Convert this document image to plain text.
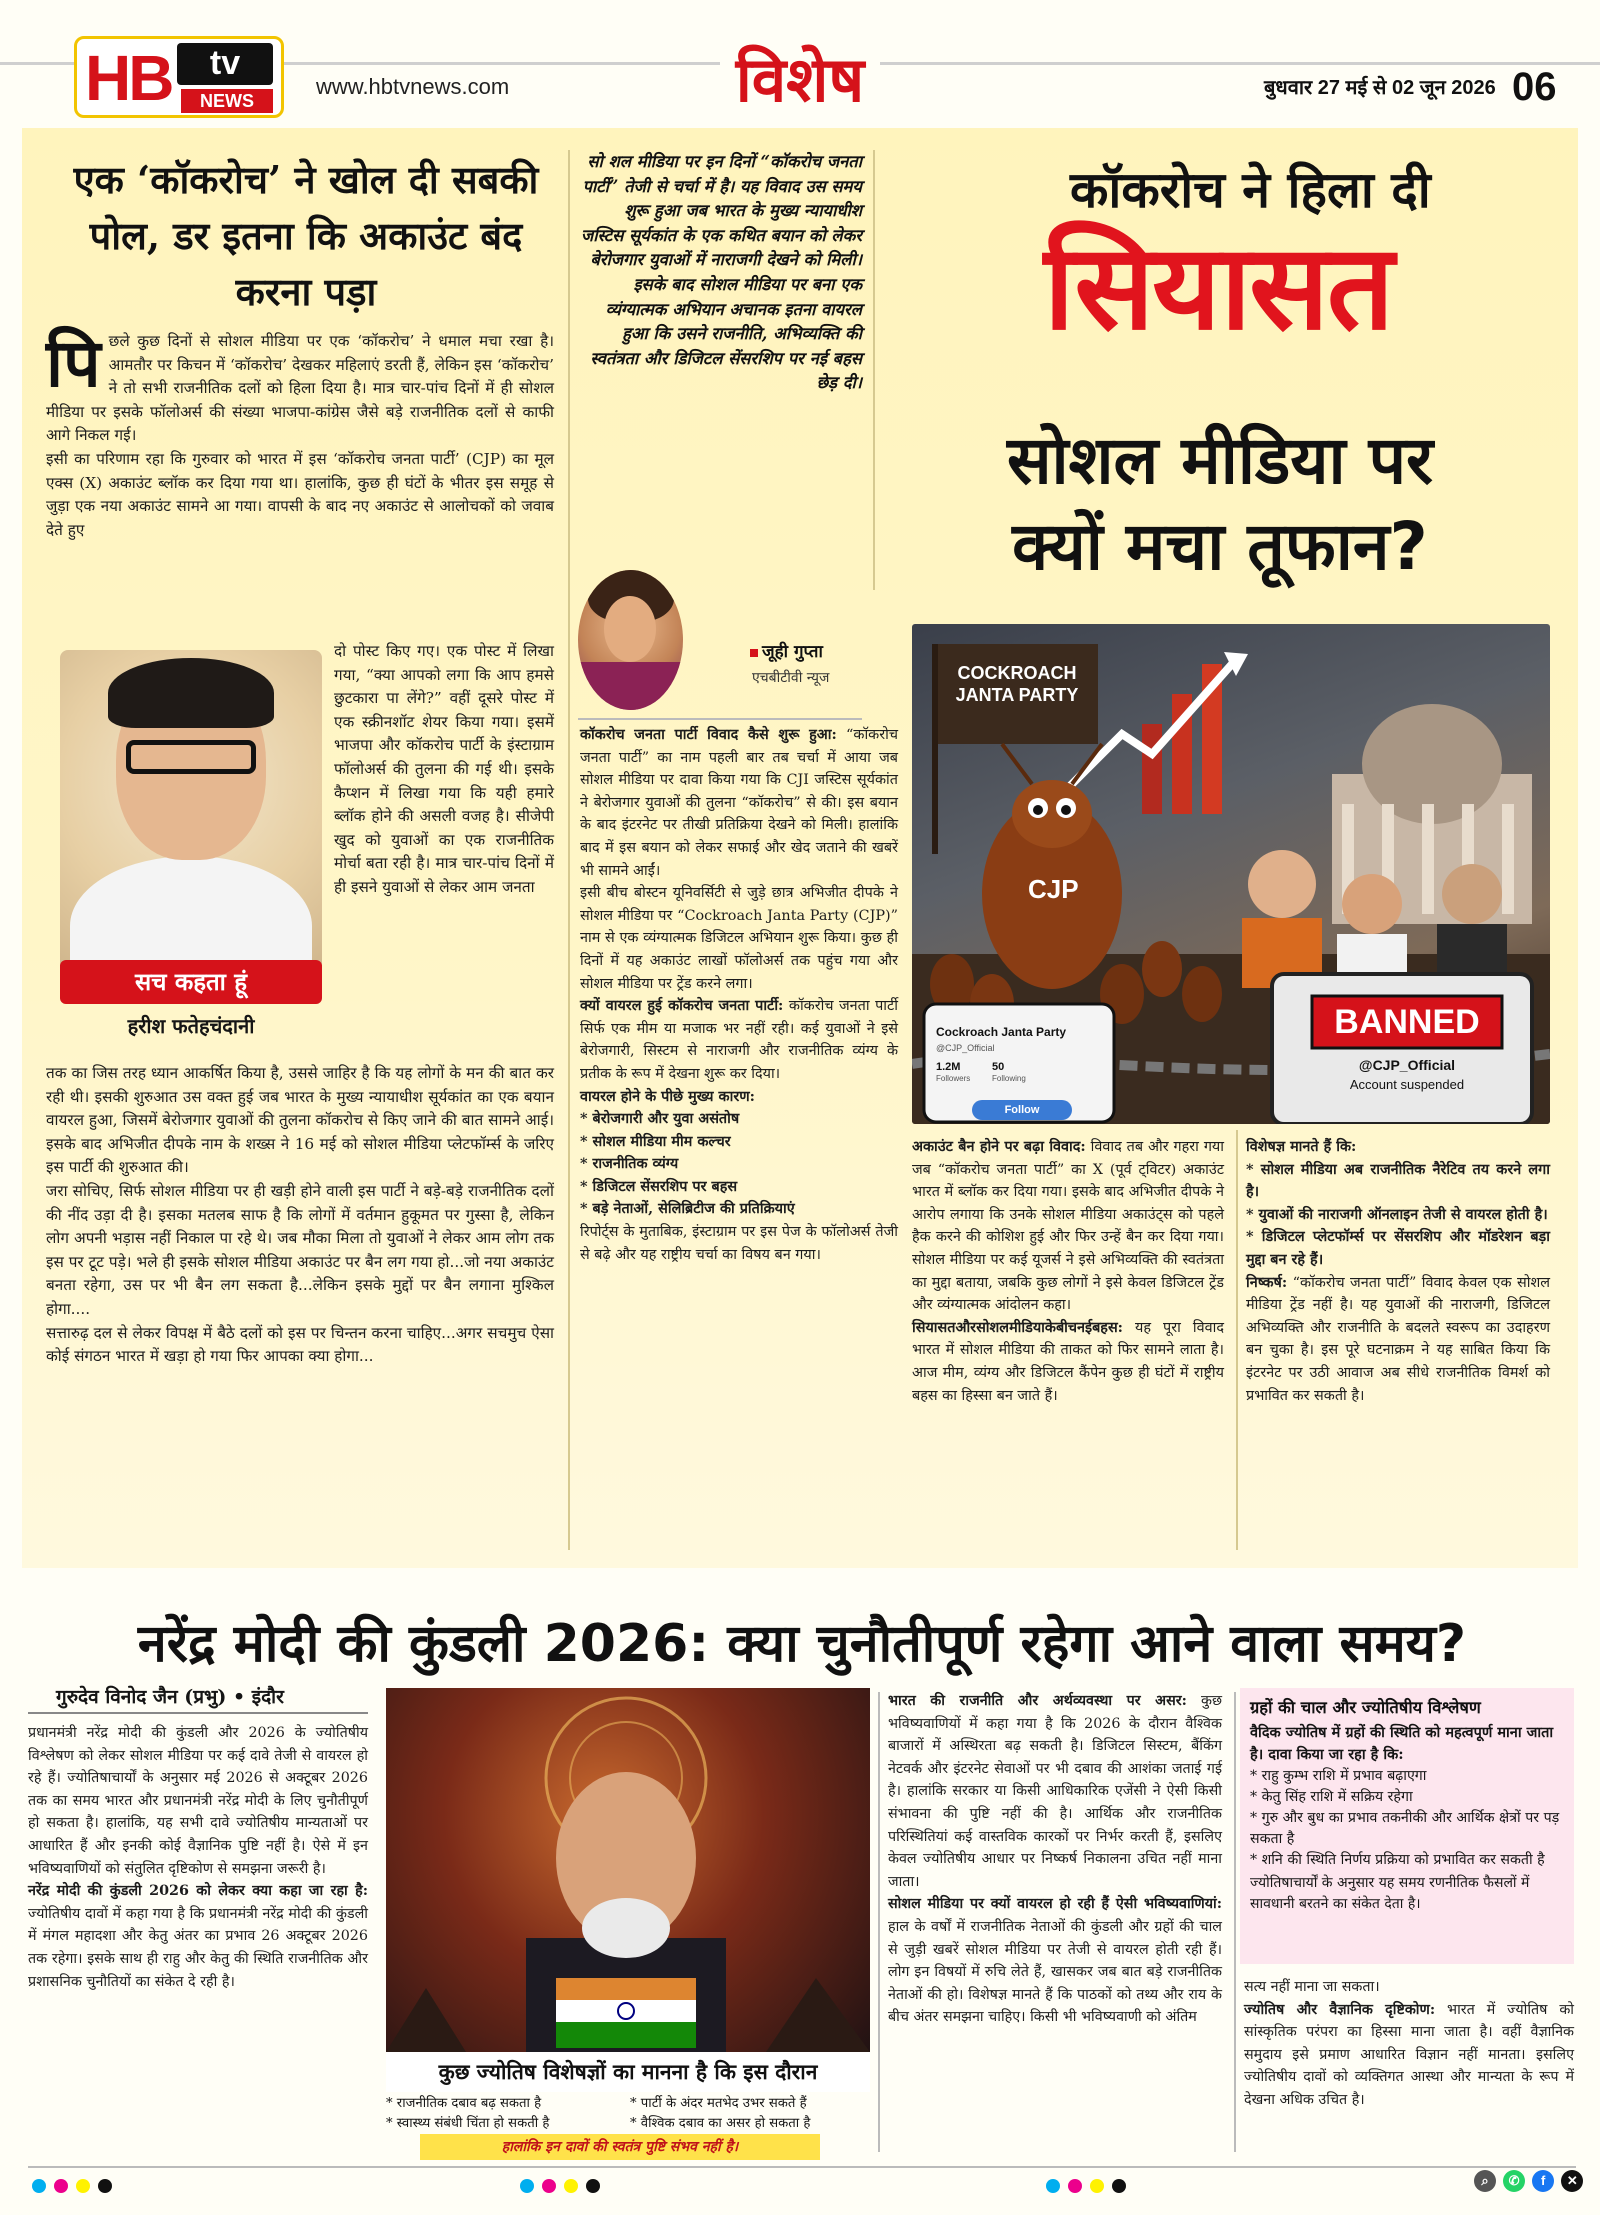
HB	tv
NEWS
www.hbtvnews.com	विशेष	बुधवार 27 मई से 02 जून 2026 06
एक ‘कॉकरोच’ ने खोल दी सबकी पोल, डर इतना कि अकाउंट बंद करना पड़ा
पि छले कुछ दिनों से सोशल मीडिया पर एक ‘कॉकरोच’ ने धमाल मचा रखा है। आमतौर पर किचन में ‘कॉकरोच’ देखकर महिलाएं डरती हैं, लेकिन इस ‘कॉकरोच’ ने तो सभी राजनीतिक दलों को हिला दिया है। मात्र चार-पांच दिनों में ही सोशल मीडिया पर इसके फॉलोअर्स की संख्या भाजपा-कांग्रेस जैसे बड़े राजनीतिक दलों से काफी आगे निकल गई।

इसी का परिणाम रहा कि गुरुवार को भारत में इस ‘कॉकरोच जनता पार्टी’ (CJP) का मूल एक्स (X) अकाउंट ब्लॉक कर दिया गया था। हालांकि, कुछ ही घंटों के भीतर इस समूह से जुड़ा एक नया अकाउंट सामने आ गया। वापसी के बाद नए अकाउंट से आलोचकों को जवाब देते हुए

सच कहता हूं
हरीश फतेहचंदानी

दो पोस्ट किए गए। एक पोस्ट में लिखा गया, “क्या आपको लगा कि आप हमसे छुटकारा पा लेंगे?” वहीं दूसरे पोस्ट में एक स्क्रीनशॉट शेयर किया गया। इसमें भाजपा और कॉकरोच पार्टी के इंस्टाग्राम फॉलोअर्स की तुलना की गई थी। इसके कैप्शन में लिखा गया कि यही हमारे ब्लॉक होने की असली वजह है। सीजेपी खुद को युवाओं का एक राजनीतिक मोर्चा बता रही है। मात्र चार-पांच दिनों में ही इसने युवाओं से लेकर आम जनता

तक का जिस तरह ध्यान आकर्षित किया है, उससे जाहिर है कि यह लोगों के मन की बात कर रही थी। इसकी शुरुआत उस वक्त हुई जब भारत के मुख्य न्यायाधीश सूर्यकांत का एक बयान वायरल हुआ, जिसमें बेरोजगार युवाओं की तुलना कॉकरोच से किए जाने की बात सामने आई। इसके बाद अभिजीत दीपके नाम के शख्स ने 16 मई को सोशल मीडिया प्लेटफॉर्म्स के जरिए इस पार्टी की शुरुआत की।

जरा सोचिए, सिर्फ सोशल मीडिया पर ही खड़ी होने वाली इस पार्टी ने बड़े-बड़े राजनीतिक दलों की नींद उड़ा दी है। इसका मतलब साफ है कि लोगों में वर्तमान हुकूमत पर गुस्सा है, लेकिन लोग अपनी भड़ास नहीं निकाल पा रहे थे। जब मौका मिला तो युवाओं ने लेकर आम लोग तक इस पर टूट पड़े। भले ही इसके सोशल मीडिया अकाउंट पर बैन लग गया हो...जो नया अकाउंट बनता रहेगा, उस पर भी बैन लग सकता है...लेकिन इसके मुद्दों पर बैन लगाना मुश्किल होगा....

सत्तारुढ़ दल से लेकर विपक्ष में बैठे दलों को इस पर चिन्तन करना चाहिए...अगर सचमुच ऐसा कोई संगठन भारत में खड़ा हो गया फिर आपका क्या होगा...

सो शल मीडिया पर इन दिनों “कॉकरोच जनता पार्टी” तेजी से चर्चा में है। यह विवाद उस समय शुरू हुआ जब भारत के मुख्य न्यायाधीश जस्टिस सूर्यकांत के एक कथित बयान को लेकर बेरोजगार युवाओं में नाराजगी देखने को मिली। इसके बाद सोशल मीडिया पर बना एक व्यंग्यात्मक अभियान अचानक इतना वायरल हुआ कि उसने राजनीति, अभिव्यक्ति की स्वतंत्रता और डिजिटल सेंसरशिप पर नई बहस छेड़ दी।
जूही गुप्ता
एचबीटीवी न्यूज

कॉकरोच जनता पार्टी विवाद कैसे शुरू हुआ: “कॉकरोच जनता पार्टी” का नाम पहली बार तब चर्चा में आया जब सोशल मीडिया पर दावा किया गया कि CJI जस्टिस सूर्यकांत ने बेरोजगार युवाओं की तुलना “कॉकरोच” से की। इस बयान के बाद इंटरनेट पर तीखी प्रतिक्रिया देखने को मिली। हालांकि बाद में इस बयान को लेकर सफाई और खेद जताने की खबरें भी सामने आईं।

इसी बीच बोस्टन यूनिवर्सिटी से जुड़े छात्र अभिजीत दीपके ने सोशल मीडिया पर “Cockroach Janta Party (CJP)” नाम से एक व्यंग्यात्मक डिजिटल अभियान शुरू किया। कुछ ही दिनों में यह अकाउंट लाखों फॉलोअर्स तक पहुंच गया और सोशल मीडिया पर ट्रेंड करने लगा।

क्यों वायरल हुई कॉकरोच जनता पार्टी: कॉकरोच जनता पार्टी सिर्फ एक मीम या मजाक भर नहीं रही। कई युवाओं ने इसे बेरोजगारी, सिस्टम से नाराजगी और राजनीतिक व्यंग्य के प्रतीक के रूप में देखना शुरू कर दिया।

वायरल होने के पीछे मुख्य कारण:

* बेरोजगारी और युवा असंतोष
* सोशल मीडिया मीम कल्चर
* राजनीतिक व्यंग्य
* डिजिटल सेंसरशिप पर बहस
* बड़े नेताओं, सेलिब्रिटीज की प्रतिक्रियाएं

रिपोर्ट्स के मुताबिक, इंस्टाग्राम पर इस पेज के फॉलोअर्स तेजी से बढ़े और यह राष्ट्रीय चर्चा का विषय बन गया।

कॉकरोच ने हिला दी
सियासत
सोशल मीडिया पर
क्यों मचा तूफान?
COCKROACH JANTA PARTY
CJP
Cockroach Janta Party
@CJP_Official
1.2M
Followers
50
Following
Follow
BANNED
@CJP_Official
Account suspended

अकाउंट बैन होने पर बढ़ा विवाद: विवाद तब और गहरा गया जब “कॉकरोच जनता पार्टी” का X (पूर्व ट्विटर) अकाउंट भारत में ब्लॉक कर दिया गया। इसके बाद अभिजीत दीपके ने आरोप लगाया कि उनके सोशल मीडिया अकाउंट्स को पहले हैक करने की कोशिश हुई और फिर उन्हें बैन कर दिया गया। सोशल मीडिया पर कई यूजर्स ने इसे अभिव्यक्ति की स्वतंत्रता का मुद्दा बताया, जबकि कुछ लोगों ने इसे केवल डिजिटल ट्रेंड और व्यंग्यात्मक आंदोलन कहा।

सियासतऔरसोशलमीडियाकेबीचनईबहस: यह पूरा विवाद भारत में सोशल मीडिया की ताकत को फिर सामने लाता है। आज मीम, व्यंग्य और डिजिटल कैंपेन कुछ ही घंटों में राष्ट्रीय बहस का हिस्सा बन जाते हैं।

विशेषज्ञ मानते हैं कि:

* सोशल मीडिया अब राजनीतिक नैरेटिव तय करने लगा है।
* युवाओं की नाराजगी ऑनलाइन तेजी से वायरल होती है।
* डिजिटल प्लेटफॉर्म्स पर सेंसरशिप और मॉडरेशन बड़ा मुद्दा बन रहे हैं।

निष्कर्ष: “कॉकरोच जनता पार्टी” विवाद केवल एक सोशल मीडिया ट्रेंड नहीं है। यह युवाओं की नाराजगी, डिजिटल अभिव्यक्ति और राजनीति के बदलते स्वरूप का उदाहरण बन चुका है। इस पूरे घटनाक्रम ने यह साबित किया कि इंटरनेट पर उठी आवाज अब सीधे राजनीतिक विमर्श को प्रभावित कर सकती है।

नरेंद्र मोदी की कुंडली 2026: क्या चुनौतीपूर्ण रहेगा आने वाला समय?
गुरुदेव विनोद जैन (प्रभु) • इंदौर

प्रधानमंत्री नरेंद्र मोदी की कुंडली और 2026 के ज्योतिषीय विश्लेषण को लेकर सोशल मीडिया पर कई दावे तेजी से वायरल हो रहे हैं। ज्योतिषाचार्यों के अनुसार मई 2026 से अक्टूबर 2026 तक का समय भारत और प्रधानमंत्री नरेंद्र मोदी के लिए चुनौतीपूर्ण हो सकता है। हालांकि, यह सभी दावे ज्योतिषीय मान्यताओं पर आधारित हैं और इनकी कोई वैज्ञानिक पुष्टि नहीं है। ऐसे में इन भविष्यवाणियों को संतुलित दृष्टिकोण से समझना जरूरी है।

नरेंद्र मोदी की कुंडली 2026 को लेकर क्या कहा जा रहा है: ज्योतिषीय दावों में कहा गया है कि प्रधानमंत्री नरेंद्र मोदी की कुंडली में मंगल महादशा और केतु अंतर का प्रभाव 26 अक्टूबर 2026 तक रहेगा। इसके साथ ही राहु और केतु की स्थिति राजनीतिक और प्रशासनिक चुनौतियों का संकेत दे रही है।

कुछ ज्योतिष विशेषज्ञों का मानना है कि इस दौरान
* राजनीतिक दबाव बढ़ सकता है
* स्वास्थ्य संबंधी चिंता हो सकती है
* पार्टी के अंदर मतभेद उभर सकते हैं
* वैश्विक दबाव का असर हो सकता है
हालांकि इन दावों की स्वतंत्र पुष्टि संभव नहीं है।

भारत की राजनीति और अर्थव्यवस्था पर असर: कुछ भविष्यवाणियों में कहा गया है कि 2026 के दौरान वैश्विक बाजारों में अस्थिरता बढ़ सकती है। डिजिटल सिस्टम, बैंकिंग नेटवर्क और इंटरनेट सेवाओं पर भी दबाव की आशंका जताई गई है। हालांकि सरकार या किसी आधिकारिक एजेंसी ने ऐसी किसी संभावना की पुष्टि नहीं की है। आर्थिक और राजनीतिक परिस्थितियां कई वास्तविक कारकों पर निर्भर करती हैं, इसलिए केवल ज्योतिषीय आधार पर निष्कर्ष निकालना उचित नहीं माना जाता।

सोशल मीडिया पर क्यों वायरल हो रही हैं ऐसी भविष्यवाणियां: हाल के वर्षों में राजनीतिक नेताओं की कुंडली और ग्रहों की चाल से जुड़ी खबरें सोशल मीडिया पर तेजी से वायरल होती रही हैं। लोग इन विषयों में रुचि लेते हैं, खासकर जब बात बड़े राजनीतिक नेताओं की हो। विशेषज्ञ मानते हैं कि पाठकों को तथ्य और राय के बीच अंतर समझना चाहिए। किसी भी भविष्यवाणी को अंतिम

ग्रहों की चाल और ज्योतिषीय विश्लेषण
वैदिक ज्योतिष में ग्रहों की स्थिति को महत्वपूर्ण माना जाता है। दावा किया जा रहा है कि:
* राहु कुम्भ राशि में प्रभाव बढ़ाएगा
* केतु सिंह राशि में सक्रिय रहेगा
* गुरु और बुध का प्रभाव तकनीकी और आर्थिक क्षेत्रों पर पड़ सकता है
* शनि की स्थिति निर्णय प्रक्रिया को प्रभावित कर सकती है
ज्योतिषाचार्यों के अनुसार यह समय रणनीतिक फैसलों में सावधानी बरतने का संकेत देता है।

सत्य नहीं माना जा सकता।

ज्योतिष और वैज्ञानिक दृष्टिकोण: भारत में ज्योतिष को सांस्कृतिक परंपरा का हिस्सा माना जाता है। वहीं वैज्ञानिक समुदाय इसे प्रमाण आधारित विज्ञान नहीं मानता। इसलिए ज्योतिषीय दावों को व्यक्तिगत आस्था और मान्यता के रूप में देखना अधिक उचित है।

⌕ ✆ f ✕
